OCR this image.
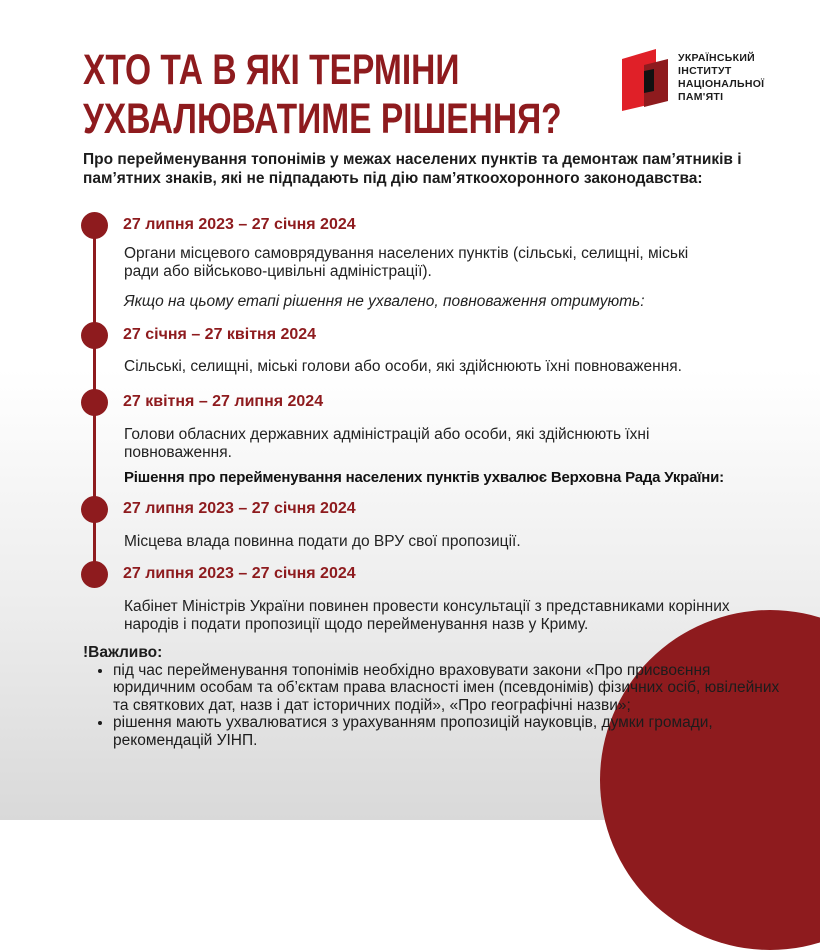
ХТО ТА В ЯКІ ТЕРМІНИ
УХВАЛЮВАТИМЕ РІШЕННЯ?
УКРАЇНСЬКИЙ
ІНСТИТУТ
НАЦІОНАЛЬНОЇ
ПАМ'ЯТІ
Про перейменування топонімів у межах населених пунктів та демонтаж пам’ятників і пам’ятних знаків, які не підпадають під дію пам’яткоохоронного законодавства:
27 липня 2023 – 27 січня 2024
Органи місцевого самоврядування населених пунктів (сільські, селищні, міські ради або військово-цивільні адміністрації).
Якщо на цьому етапі рішення не ухвалено, повноваження отримують:
27 січня – 27 квітня 2024
Сільські, селищні, міські голови або особи, які здійснюють їхні повноваження.
27 квітня – 27 липня 2024
Голови обласних державних адміністрацій або особи, які здійснюють їхні повноваження.
Рішення про перейменування населених пунктів ухвалює Верховна Рада України:
27 липня 2023 – 27 січня 2024
Місцева влада повинна подати до ВРУ свої пропозиції.
27 липня 2023 – 27 січня 2024
Кабінет Міністрів України повинен провести консультації з представниками корінних народів і подати пропозиції щодо перейменування назв у Криму.
!Важливо:
• під час перейменування топонімів необхідно враховувати закони «Про присвоєння юридичним особам та об’єктам права власності імен (псевдонімів) фізичних осіб, ювілейних та святкових дат, назв і дат історичних подій», «Про географічні назви»;
• рішення мають ухвалюватися з урахуванням пропозицій науковців, думки громади, рекомендацій УІНП.
